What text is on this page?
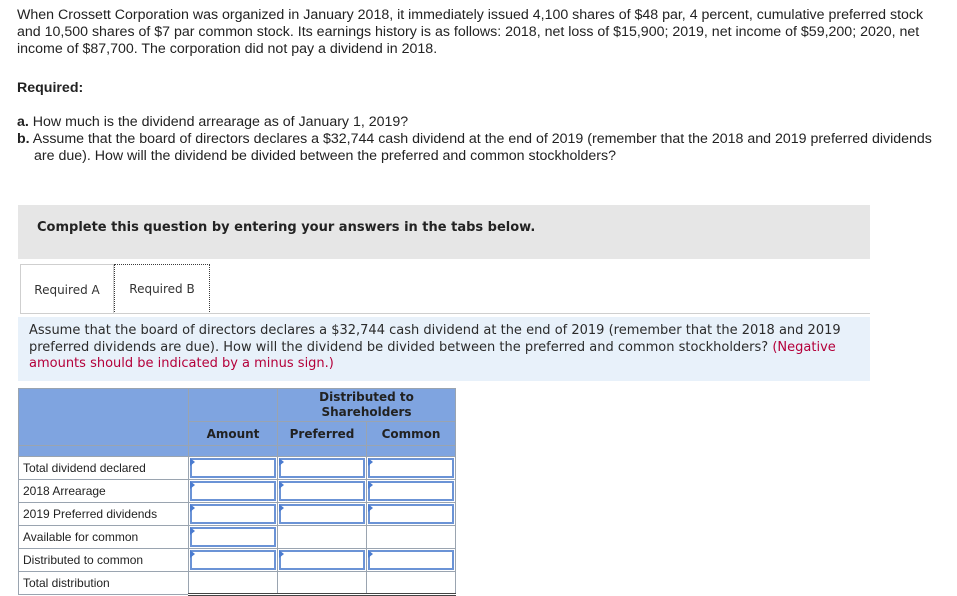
When Crossett Corporation was organized in January 2018, it immediately issued 4,100 shares of $48 par, 4 percent, cumulative preferred stock and 10,500 shares of $7 par common stock. Its earnings history is as follows: 2018, net loss of $15,900; 2019, net income of $59,200; 2020, net income of $87,700. The corporation did not pay a dividend in 2018.
Required:
a. How much is the dividend arrearage as of January 1, 2019?
b. Assume that the board of directors declares a $32,744 cash dividend at the end of 2019 (remember that the 2018 and 2019 preferred dividends are due). How will the dividend be divided between the preferred and common stockholders?
Complete this question by entering your answers in the tabs below.
Required A	Required B

Assume that the board of directors declares a $32,744 cash dividend at the end of 2019 (remember that the 2018 and 2019 preferred dividends are due). How will the dividend be divided between the preferred and common stockholders? (Negative amounts should be indicated by a minus sign.)

		Distributed to Shareholders	
	Amount	Preferred	Common

Total dividend declared	

2018 Arrearage	

2019 Preferred dividends	

Available for common	

Distributed to common	

Total distribution			
